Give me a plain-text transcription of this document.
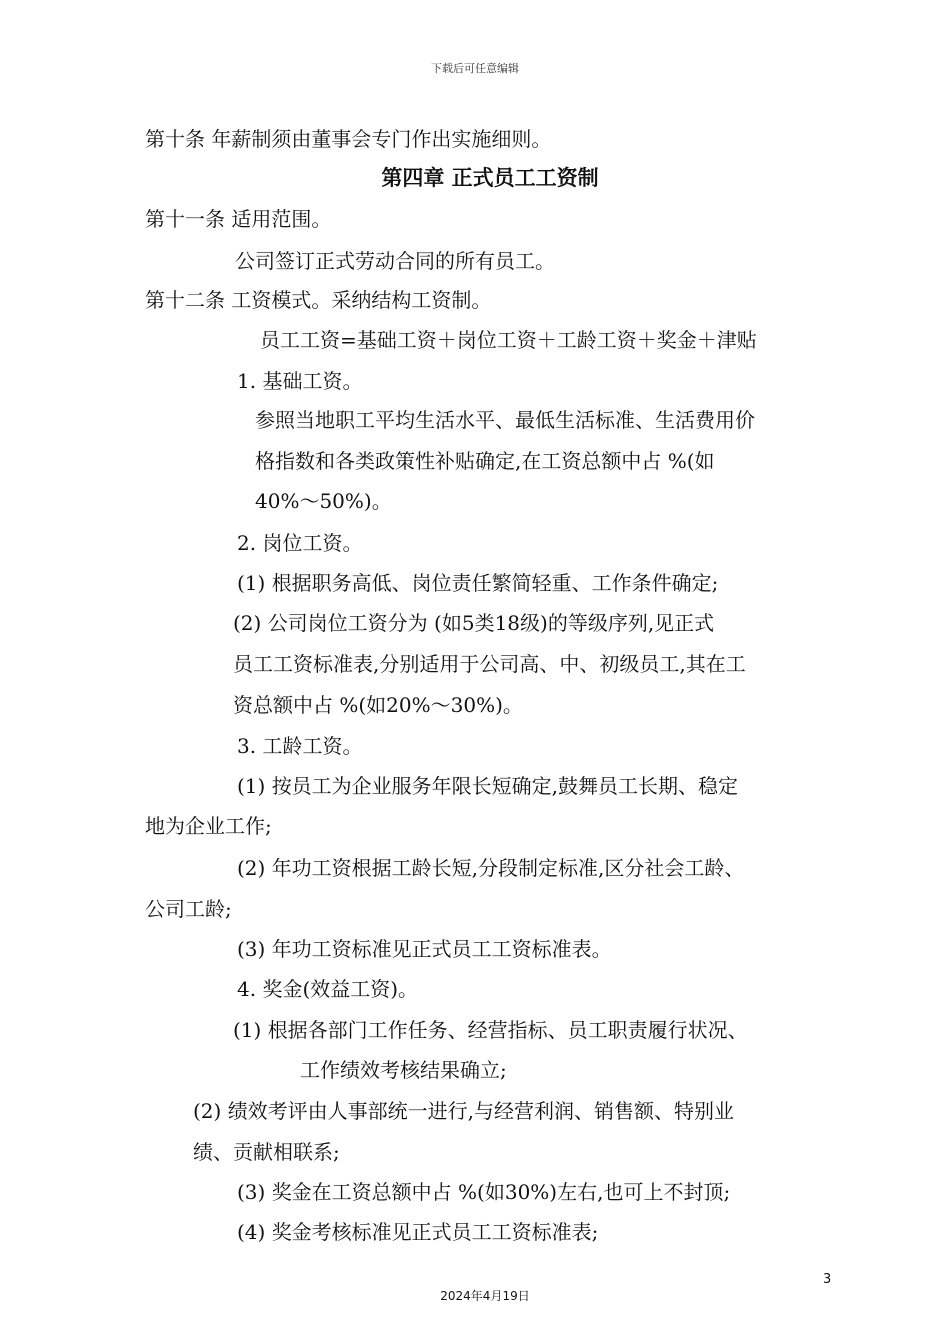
下载后可任意编辑
第十条 年薪制须由董事会专门作出实施细则。
第四章 正式员工工资制
第十一条 适用范围。
公司签订正式劳动合同的所有员工。
第十二条 工资模式。采纳结构工资制。
员工工资=基础工资＋岗位工资＋工龄工资＋奖金＋津贴
1. 基础工资。
参照当地职工平均生活水平、最低生活标准、生活费用价
格指数和各类政策性补贴确定,在工资总额中占 %(如
40%～50%)。
2. 岗位工资。
(1) 根据职务高低、岗位责任繁简轻重、工作条件确定;
(2) 公司岗位工资分为 (如5类18级)的等级序列,见正式
员工工资标准表,分别适用于公司高、中、初级员工,其在工
资总额中占 %(如20%～30%)。
3. 工龄工资。
(1) 按员工为企业服务年限长短确定,鼓舞员工长期、稳定
地为企业工作;
(2) 年功工资根据工龄长短,分段制定标准,区分社会工龄、
公司工龄;
(3) 年功工资标准见正式员工工资标准表。
4. 奖金(效益工资)。
(1) 根据各部门工作任务、经营指标、员工职责履行状况、
工作绩效考核结果确立;
(2) 绩效考评由人事部统一进行,与经营利润、销售额、特别业
绩、贡献相联系;
(3) 奖金在工资总额中占 %(如30%)左右,也可上不封顶;
(4) 奖金考核标准见正式员工工资标准表;
3
2024年4月19日
